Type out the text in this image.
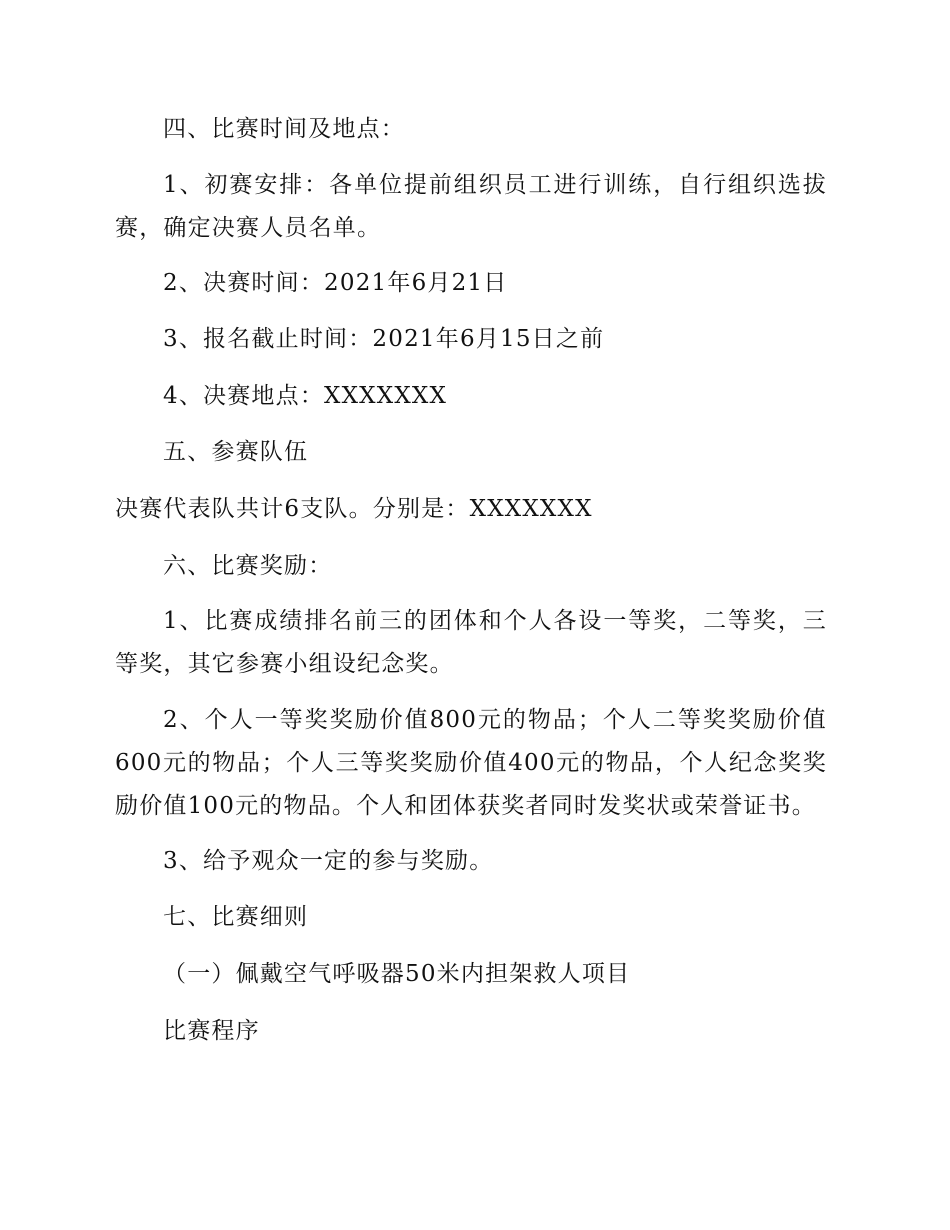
四、比赛时间及地点：

1、初赛安排：各单位提前组织员工进行训练，自行组织选拔赛，确定决赛人员名单。

2、决赛时间：2021年6月21日

3、报名截止时间：2021年6月15日之前

4、决赛地点：XXXXXXX

五、参赛队伍

决赛代表队共计6支队。分别是：XXXXXXX

六、比赛奖励：

1、比赛成绩排名前三的团体和个人各设一等奖，二等奖，三等奖，其它参赛小组设纪念奖。

2、个人一等奖奖励价值800元的物品；个人二等奖奖励价值600元的物品；个人三等奖奖励价值400元的物品，个人纪念奖奖励价值100元的物品。个人和团体获奖者同时发奖状或荣誉证书。

3、给予观众一定的参与奖励。

七、比赛细则

（一）佩戴空气呼吸器50米内担架救人项目

比赛程序
